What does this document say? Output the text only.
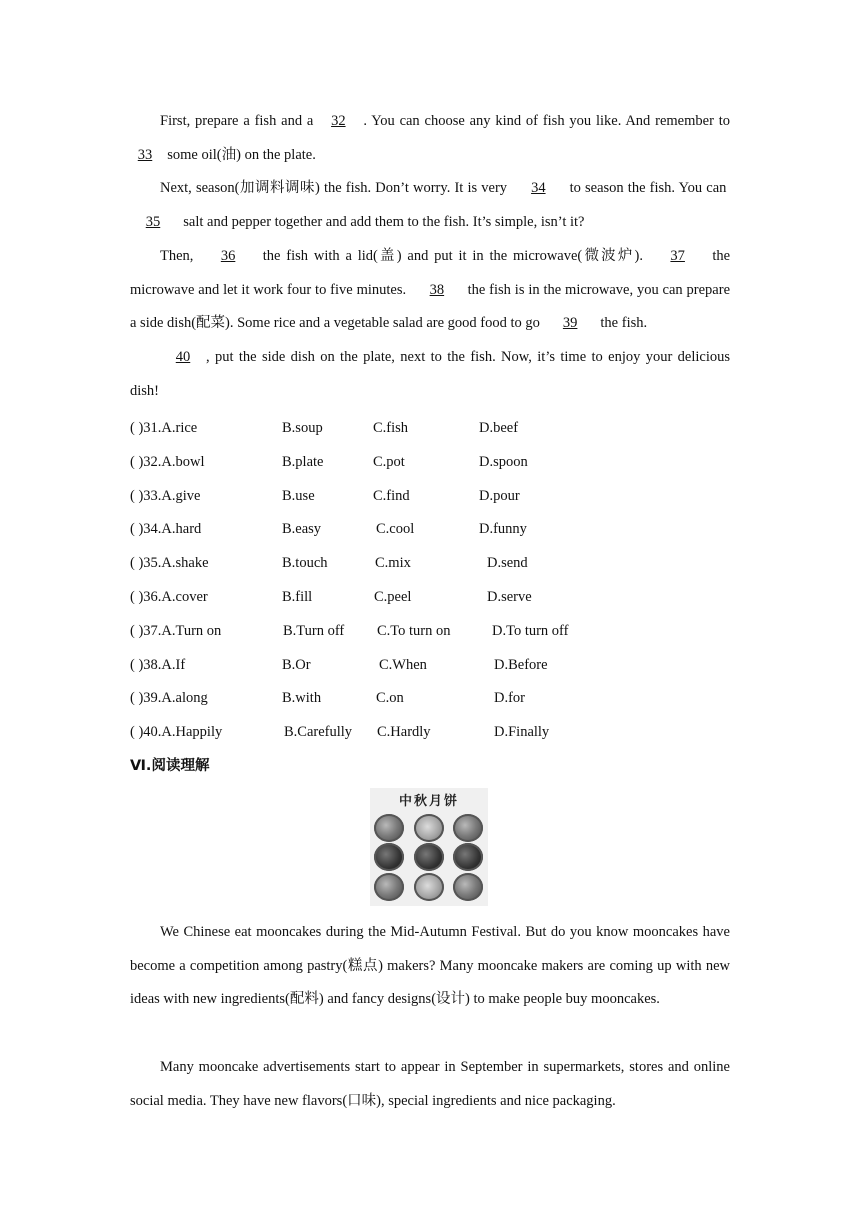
First, prepare a fish and a 32 . You can choose any kind of fish you like. And remember to 33 some oil(油) on the plate.

Next, season(加调料调味) the fish. Don’t worry. It is very 34 to season the fish. You can  35 salt and pepper together and add them to the fish. It’s simple, isn’t it?

Then, 36 the fish with a lid(盖) and put it in the microwave(微波炉). 37 the microwave and let it work four to five minutes. 38 the fish is in the microwave, you can prepare a side dish(配菜). Some rice and a vegetable salad are good food to go 39 the fish.

40 , put the side dish on the plate, next to the fish. Now, it’s time to enjoy your delicious dish!

( )31.A.rice	B.soup	C.fish	D.beef
( )32.A.bowl	B.plate	C.pot	D.spoon
( )33.A.give	B.use	C.find	D.pour
( )34.A.hard	B.easy	C.cool	D.funny
( )35.A.shake	B.touch	C.mix	D.send
( )36.A.cover	B.fill	C.peel	D.serve
( )37.A.Turn on	B.Turn off C.To turn on	D.To turn off
( )38.A.If	B.Or	C.When	D.Before
( )39.A.along	B.with	C.on	D.for
( )40.A.Happily	B.Carefully C.Hardly	D.Finally
Ⅵ.阅读理解
中秋月饼

We Chinese eat mooncakes during the Mid-Autumn Festival. But do you know mooncakes have become a competition among pastry(糕点) makers? Many mooncake makers are coming up with new ideas with new ingredients(配料) and fancy designs(设计) to make people buy mooncakes.

Many mooncake advertisements start to appear in September in supermarkets, stores and online social media. They have new flavors(口味), special ingredients and nice packaging.
